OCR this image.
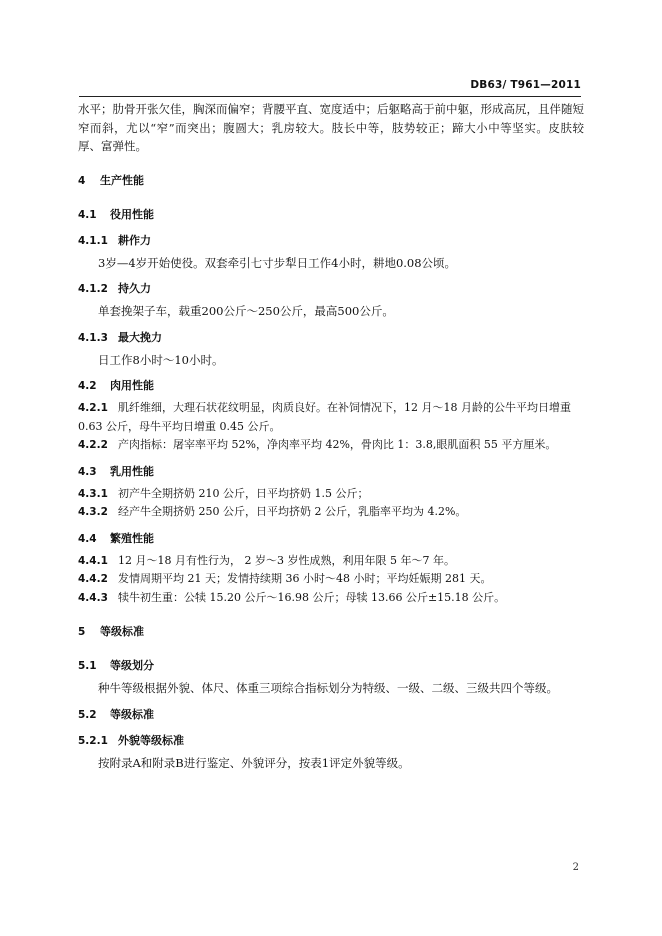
DB63/ T961—2011

水平；肋骨开张欠佳，胸深而偏窄；背腰平直、宽度适中；后躯略高于前中躯，形成高尻，且伴随短窄而斜，尤以“窄”而突出；腹圆大；乳房较大。肢长中等，肢势较正；蹄大小中等坚实。皮肤较厚、富弹性。

4 生产性能

4.1 役用性能

4.1.1 耕作力

3岁—4岁开始使役。双套牵引七寸步犁日工作4小时，耕地0.08公顷。

4.1.2 持久力

单套挽架子车，载重200公斤～250公斤，最高500公斤。

4.1.3 最大挽力

日工作8小时～10小时。

4.2 肉用性能

4.2.1 肌纤维细，大理石状花纹明显，肉质良好。在补饲情况下，12 月～18 月龄的公牛平均日增重 0.63 公斤，母牛平均日增重 0.45 公斤。

4.2.2 产肉指标：屠宰率平均 52%，净肉率平均 42%，骨肉比 1：3.8,眼肌面积 55 平方厘米。

4.3 乳用性能

4.3.1 初产牛全期挤奶 210 公斤，日平均挤奶 1.5 公斤；

4.3.2 经产牛全期挤奶 250 公斤，日平均挤奶 2 公斤，乳脂率平均为 4.2%。

4.4 繁殖性能

4.4.1 12 月～18 月有性行为， 2 岁～3 岁性成熟，利用年限 5 年～7 年。

4.4.2 发情周期平均 21 天；发情持续期 36 小时～48 小时；平均妊娠期 281 天。

4.4.3 犊牛初生重：公犊 15.20 公斤～16.98 公斤；母犊 13.66 公斤±15.18 公斤。

5 等级标准

5.1 等级划分

种牛等级根据外貌、体尺、体重三项综合指标划分为特级、一级、二级、三级共四个等级。

5.2 等级标准

5.2.1 外貌等级标准

按附录A和附录B进行鉴定、外貌评分，按表1评定外貌等级。

2
